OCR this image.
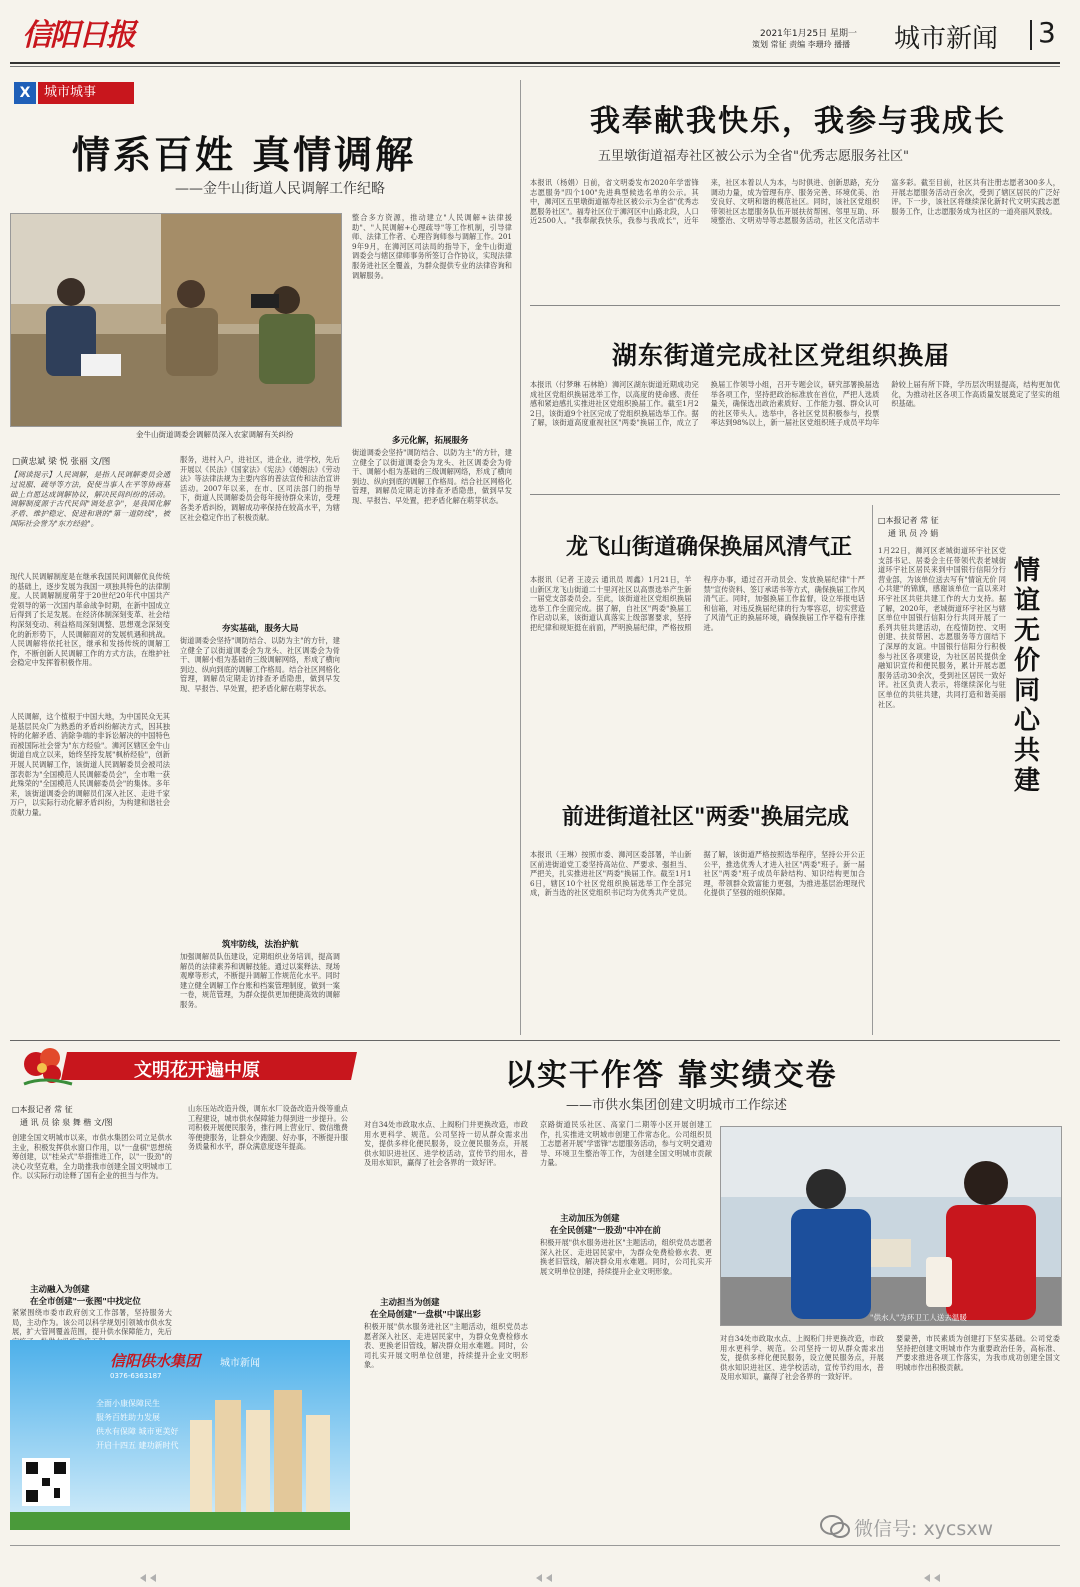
信阳日报	2021年1月25日 星期一
策划 常征 责编 李珊玲 播播 城市新闻 3
X	城市城事
情系百姓 真情调解
——金牛山街道人民调解工作纪略
金牛山街道调委会调解员深入农家调解有关纠纷
□黄忠斌 梁 悦 张丽 文/图
【阅读提示】人民调解，是指人民调解委员会通过说服、疏导等方法，促使当事人在平等协商基础上自愿达成调解协议，解决民间纠纷的活动。调解制度源于古代民间"调处息争"，是我国化解矛盾、维护稳定、促进和谐的"第一道防线"，被国际社会誉为"东方经验"。
现代人民调解制度是在继承我国民间调解优良传统的基础上，逐步发展为我国一项独具特色的法律制度。人民调解制度萌芽于20世纪20年代中国共产党领导的第一次国内革命战争时期，在新中国成立后得到了长足发展。在经济体制深刻变革、社会结构深刻变动、利益格局深刻调整、思想观念深刻变化的新形势下，人民调解面对的发展机遇和挑战。人民调解将依托社区，继承和发扬传统的调解工作，不断创新人民调解工作的方式方法，在维护社会稳定中发挥着积极作用。
人民调解，这个植根于中国大地，为中国民众无其是基层民众广为熟悉的矛盾纠纷解决方式，因其独特的化解矛盾、消除争端的非诉讼解决的中国特色而被国际社会誉为"东方经验"。浉河区辖区金牛山街道自成立以来，始终坚持发展"枫桥经验"，创新开展人民调解工作，该街道人民调解委员会被司法部表彰为"全国模范人民调解委员会"，全市唯一获此殊荣的"全国模范人民调解委员会"的集体。多年来，该街道调委会的调解员们深入社区、走进千家万户，以实际行动化解矛盾纠纷，为构建和谐社会贡献力量。
服务，进村入户，进社区，进企业，进学校，先后开展以《民法》《国家法》《宪法》《婚姻法》《劳动法》等法律法规为主要内容的普法宣传和法治宣讲活动。2007年以来，在市、区司法部门的指导下，街道人民调解委员会每年接待群众来访，受理各类矛盾纠纷，调解成功率保持在较高水平，为辖区社会稳定作出了积极贡献。
夯实基础，服务大局
街道调委会坚持"调防结合、以防为主"的方针，建立健全了以街道调委会为龙头、社区调委会为骨干、调解小组为基础的三级调解网络，形成了横向到边、纵向到底的调解工作格局。结合社区网格化管理，调解员定期走访排查矛盾隐患，做到早发现、早报告、早处置，把矛盾化解在萌芽状态。
筑牢防线，法治护航
加强调解员队伍建设，定期组织业务培训，提高调解员的法律素养和调解技能。通过以案释法、现场观摩等形式，不断提升调解工作规范化水平。同时建立健全调解工作台账和档案管理制度，做到一案一卷，规范管理，为群众提供更加便捷高效的调解服务。
整合多方资源，推动建立"人民调解+法律援助"、"人民调解+心理疏导"等工作机制，引导律师、法律工作者、心理咨询师参与调解工作。2019年9月，在浉河区司法局的指导下，金牛山街道调委会与辖区律师事务所签订合作协议，实现法律服务进社区全覆盖，为群众提供专业的法律咨询和调解服务。
多元化解，拓展服务
街道调委会坚持"调防结合、以防为主"的方针，建立健全了以街道调委会为龙头、社区调委会为骨干、调解小组为基础的三级调解网络，形成了横向到边、纵向到底的调解工作格局。结合社区网格化管理，调解员定期走访排查矛盾隐患，做到早发现、早报告、早处置，把矛盾化解在萌芽状态。
我奉献我快乐，我参与我成长
五里墩街道福寿社区被公示为全省"优秀志愿服务社区"
本报讯（杨娟）日前，省文明委发布2020年学雷锋志愿服务"四个100"先进典型候选名单的公示。其中，浉河区五里墩街道福寿社区被公示为全省"优秀志愿服务社区"。福寿社区位于浉河区中山路北段，人口近2500人。"我奉献我快乐，我参与我成长"，近年来，社区本着以人为本，与时俱进、创新思路，充分调动力量，成为管理有序、服务完善、环境优美、治安良好、文明和谐的模范社区。同时，该社区党组织带领社区志愿服务队伍开展扶贫帮困、邻里互助、环境整治、文明劝导等志愿服务活动，社区文化活动丰富多彩。截至目前，社区共有注册志愿者300多人，开展志愿服务活动百余次，受到了辖区居民的广泛好评。下一步，该社区将继续深化新时代文明实践志愿服务工作，让志愿服务成为社区的一道亮丽风景线。
湖东街道完成社区党组织换届
本报讯（付梦琳 石林艳）浉河区湖东街道近期成功完成社区党组织换届选举工作，以高度的使命感、责任感和紧迫感扎实推进社区党组织换届工作。截至1月22日，该街道9个社区完成了党组织换届选举工作。据了解，该街道高度重视社区"两委"换届工作，成立了换届工作领导小组，召开专题会议，研究部署换届选举各项工作，坚持把政治标准放在首位，严把人选质量关，确保选出政治素质好、工作能力强、群众认可的社区带头人。选举中，各社区党员积极参与，投票率达到98%以上，新一届社区党组织班子成员平均年龄较上届有所下降，学历层次明显提高，结构更加优化，为推动社区各项工作高质量发展奠定了坚实的组织基础。
龙飞山街道确保换届风清气正
本报讯（记者 王凌云 通讯员 周鑫）1月21日，羊山新区龙飞山街道二十里河社区以高票选举产生新一届党支部委员会。至此，该街道社区党组织换届选举工作全面完成。据了解，自社区"两委"换届工作启动以来，该街道认真落实上级部署要求，坚持把纪律和规矩挺在前面，严明换届纪律，严格按照程序办事，通过召开动员会、发放换届纪律"十严禁"宣传资料、签订承诺书等方式，确保换届工作风清气正。同时，加强换届工作监督，设立举报电话和信箱，对违反换届纪律的行为零容忍，切实营造了风清气正的换届环境，确保换届工作平稳有序推进。
前进街道社区"两委"换届完成
本报讯（王琳）按照市委、浉河区委部署，羊山新区前进街道党工委坚持高站位、严要求、强担当、严把关，扎实推进社区"两委"换届工作。截至1月16日，辖区10个社区党组织换届选举工作全部完成，新当选的社区党组织书记均为优秀共产党员。据了解，该街道严格按照选举程序，坚持公开公正公平，推选优秀人才进入社区"两委"班子。新一届社区"两委"班子成员年龄结构、知识结构更加合理，带领群众致富能力更强，为推进基层治理现代化提供了坚强的组织保障。
□本报记者 常 征
通 讯 员 冷 娟
1月22日，浉河区老城街道环宇社区党支部书记、居委会主任带领代表老城街道环宇社区居民来到中国银行信阳分行营业部，为该单位送去写有"情谊无价 同心共建"的锦旗，感谢该单位一直以来对环宇社区共驻共建工作的大力支持。据了解，2020年，老城街道环宇社区与辖区单位中国银行信阳分行共同开展了一系列共驻共建活动，在疫情防控、文明创建、扶贫帮困、志愿服务等方面结下了深厚的友谊。中国银行信阳分行积极参与社区各项建设，为社区居民提供金融知识宣传和便民服务，累计开展志愿服务活动30余次，受到社区居民一致好评。社区负责人表示，将继续深化与驻区单位的共驻共建，共同打造和谐美丽社区。
情谊无价 同心共建
文明花开遍中原	以实干作答 靠实绩交卷
——市供水集团创建文明城市工作综述
□本报记者 常 征
通 讯 员 徐 泉 舞 楷 文/图
创建全国文明城市以来，市供水集团公司立足供水主业，积极发挥供水窗口作用，以"一盘棋"思想统筹创建，以"桂朵式"举措推进工作，以"一股劲"的决心攻坚克难，全力助推我市创建全国文明城市工作。以实际行动诠释了国有企业的担当与作为。
主动融入为创建
在全市创建"一张图"中找定位
紧紧围绕市委市政府创文工作部署，坚持服务大局，主动作为。该公司以科学规划引领城市供水发展，扩大管网覆盖范围，提升供水保障能力，先后
山东压站改造升级，调东水厂设备改造升级等重点工程建设，城市供水保障能力得到进一步提升。公司积极开展便民服务，推行网上营业厅、微信缴费等便捷服务，让群众少跑腿、好办事，不断提升服务质量和水平，群众满意度逐年提高。
对自34处市政取水点、上阀粉门井更换改造，市政用水更科学、规范。公司坚持一切从群众需求出发，提供多样化便民服务，设立便民服务点，开展供水知识进社区、进学校活动，宣传节约用水，普及用水知识，赢得了社会各界的一致好评。
主动担当为创建
在全局创建"一盘棋"中谋出彩
积极开展"供水服务进社区"主题活动，组织党员志愿者深入社区、走进居民家中，为群众免费检修水表、更换老旧管线，解决群众用水难题。同时，公司扎实开展文明单位创建，持续提升企业文明形象。
京路街道民乐社区、高家门二期等小区开展创建工作，扎实推进文明城市创建工作常态化。公司组织员工志愿者开展"学雷锋"志愿服务活动，参与文明交通劝导、环境卫生整治等工作，为创建全国文明城市贡献力量。
主动加压为创建
在全民创建"一股劲"中冲在前
积极开展"供水服务进社区"主题活动，组织党员志愿者深入社区、走进居民家中，为群众免费检修水表、更换老旧管线，解决群众用水难题。同时，公司扎实开展文明单位创建，持续提升企业文明形象。
"供水人"为环卫工人送去温暖
对自34处市政取水点、上阀粉门井更换改造，市政用水更科学、规范。公司坚持一切从群众需求出发，提供多样化便民服务，设立便民服务点，开展供水知识进社区、进学校活动，宣传节约用水，普及用水知识，赢得了社会各界的一致好评。
要蒙善，市民素质为创建打下坚实基础。公司党委坚持把创建文明城市作为重要政治任务，高标准、严要求推进各项工作落实，为我市成功创建全国文明城市作出积极贡献。
信阳供水集团 城市新闻
0376-6363187
全面小康保障民生
服务百姓助力发展
供水有保障 城市更美好
开启十四五 建功新时代
微信号: xycsxw
